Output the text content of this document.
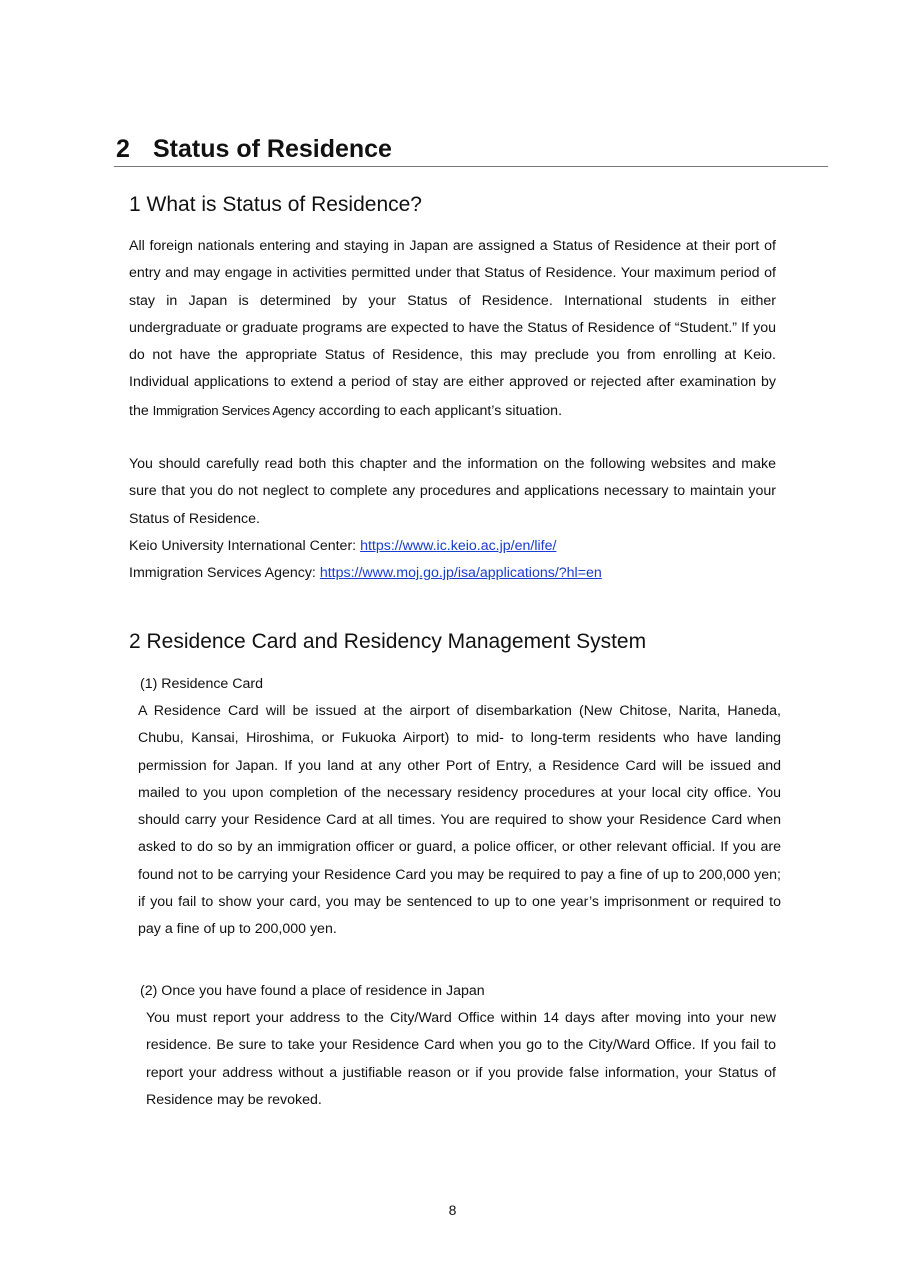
2 Status of Residence
1 What is Status of Residence?

All foreign nationals entering and staying in Japan are assigned a Status of Residence at their port of entry and may engage in activities permitted under that Status of Residence. Your maximum period of stay in Japan is determined by your Status of Residence. International students in either undergraduate or graduate programs are expected to have the Status of Residence of “Student.” If you do not have the appropriate Status of Residence, this may preclude you from enrolling at Keio. Individual applications to extend a period of stay are either approved or rejected after examination by the Immigration Services Agency according to each applicant’s situation.

You should carefully read both this chapter and the information on the following websites and make sure that you do not neglect to complete any procedures and applications necessary to maintain your Status of Residence.

Keio University International Center: https://www.ic.keio.ac.jp/en/life/

Immigration Services Agency: https://www.moj.go.jp/isa/applications/?hl=en

2 Residence Card and Residency Management System

(1) Residence Card

A Residence Card will be issued at the airport of disembarkation (New Chitose, Narita, Haneda, Chubu, Kansai, Hiroshima, or Fukuoka Airport) to mid- to long-term residents who have landing permission for Japan. If you land at any other Port of Entry, a Residence Card will be issued and mailed to you upon completion of the necessary residency procedures at your local city office. You should carry your Residence Card at all times. You are required to show your Residence Card when asked to do so by an immigration officer or guard, a police officer, or other relevant official. If you are found not to be carrying your Residence Card you may be required to pay a fine of up to 200,000 yen; if you fail to show your card, you may be sentenced to up to one year’s imprisonment or required to pay a fine of up to 200,000 yen.

(2) Once you have found a place of residence in Japan

You must report your address to the City/Ward Office within 14 days after moving into your new residence. Be sure to take your Residence Card when you go to the City/Ward Office. If you fail to report your address without a justifiable reason or if you provide false information, your Status of Residence may be revoked.

8
